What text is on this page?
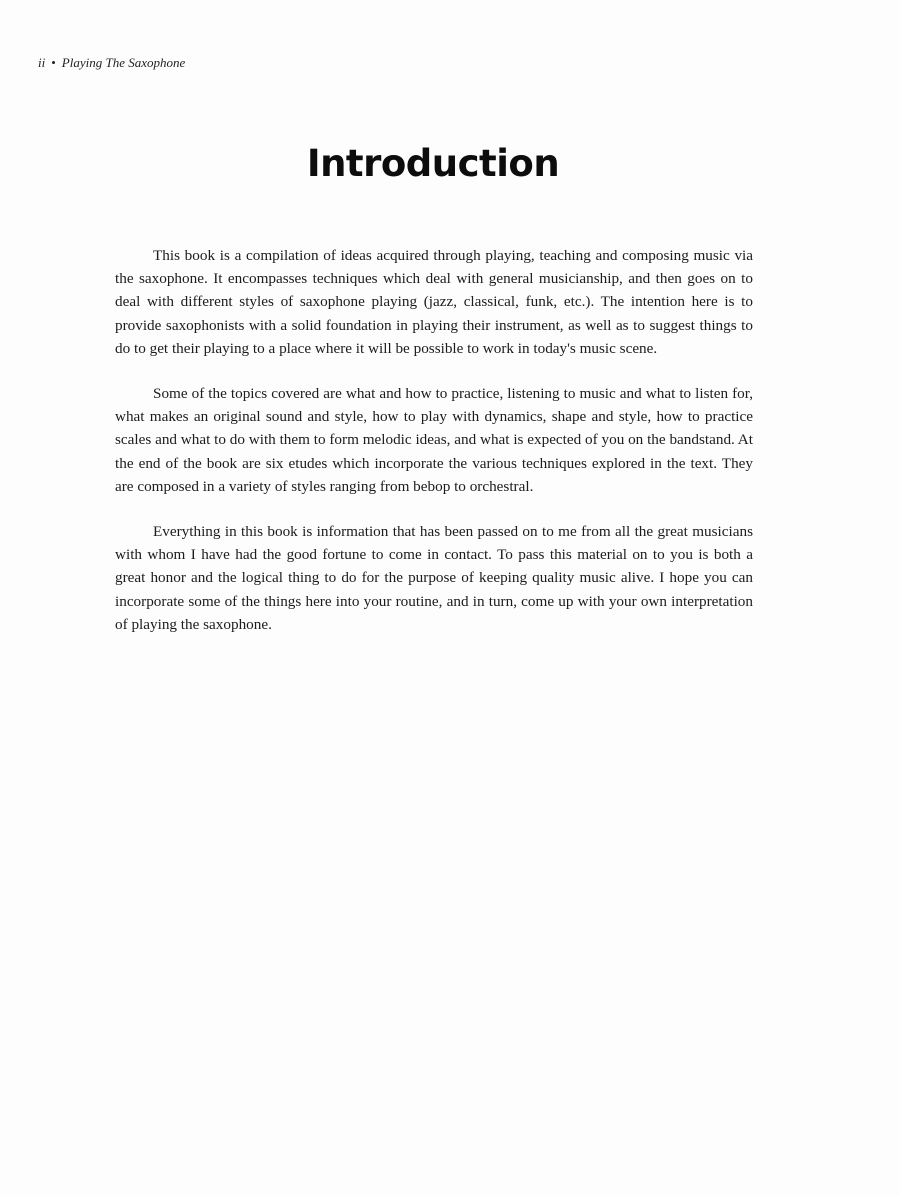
ii • Playing The Saxophone
Introduction

This book is a compilation of ideas acquired through playing, teaching and composing music via the saxophone. It encompasses techniques which deal with general musicianship, and then goes on to deal with different styles of saxophone playing (jazz, classical, funk, etc.). The intention here is to provide saxophonists with a solid foundation in playing their instrument, as well as to suggest things to do to get their playing to a place where it will be possible to work in today's music scene.

Some of the topics covered are what and how to practice, listening to music and what to listen for, what makes an original sound and style, how to play with dynamics, shape and style, how to practice scales and what to do with them to form melodic ideas, and what is expected of you on the bandstand. At the end of the book are six etudes which incorporate the various techniques explored in the text. They are composed in a variety of styles ranging from bebop to orchestral.

Everything in this book is information that has been passed on to me from all the great musicians with whom I have had the good fortune to come in contact. To pass this material on to you is both a great honor and the logical thing to do for the purpose of keeping quality music alive. I hope you can incorporate some of the things here into your routine, and in turn, come up with your own interpretation of playing the saxophone.
